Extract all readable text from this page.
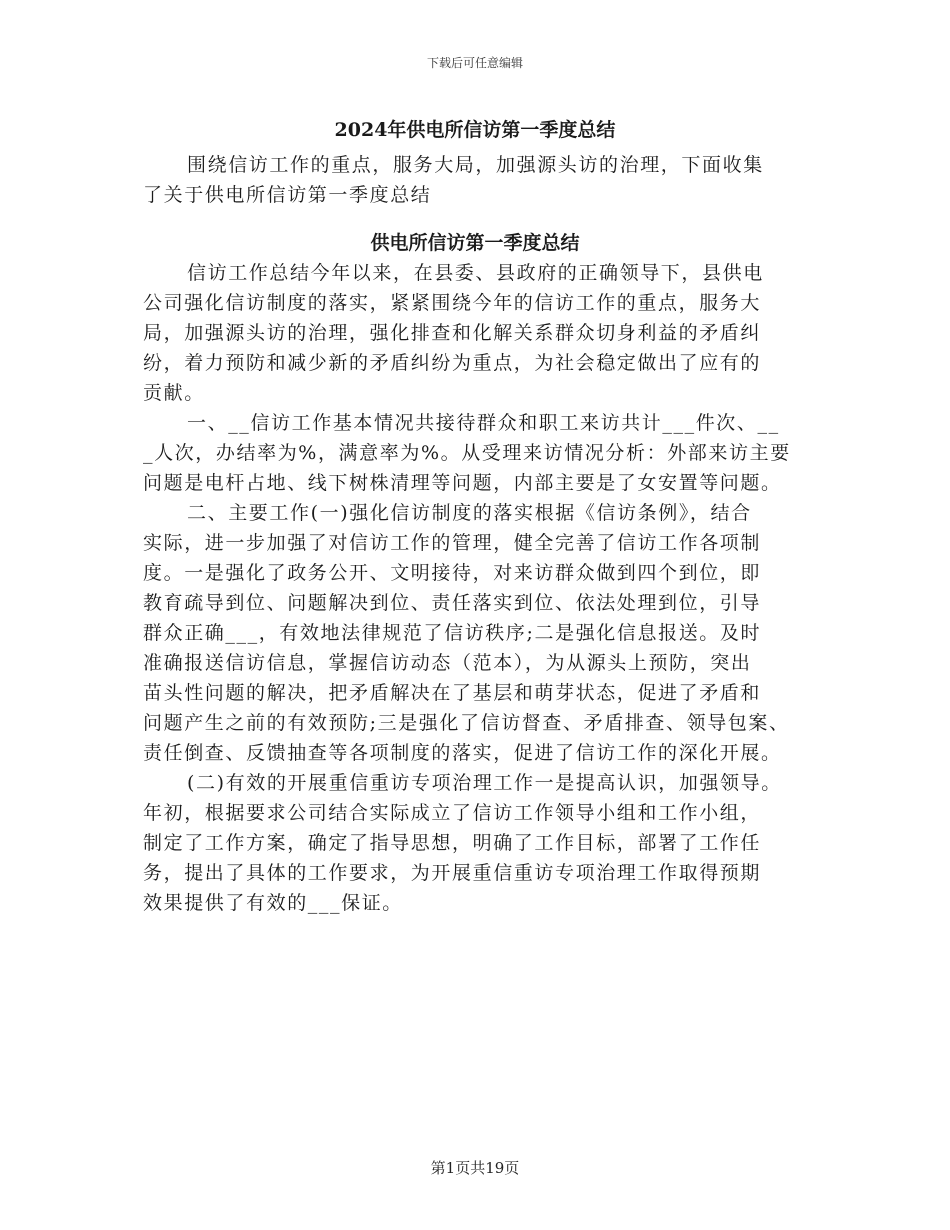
下载后可任意编辑
2024年供电所信访第一季度总结
围绕信访工作的重点，服务大局，加强源头访的治理，下面收集
了关于供电所信访第一季度总结
供电所信访第一季度总结
信访工作总结今年以来，在县委、县政府的正确领导下，县供电
公司强化信访制度的落实，紧紧围绕今年的信访工作的重点，服务大
局，加强源头访的治理，强化排查和化解关系群众切身利益的矛盾纠
纷，着力预防和减少新的矛盾纠纷为重点，为社会稳定做出了应有的
贡献。
一、__信访工作基本情况共接待群众和职工来访共计___件次、__
_人次，办结率为%，满意率为%。从受理来访情况分析：外部来访主要
问题是电杆占地、线下树株清理等问题，内部主要是了女安置等问题。
二、主要工作(一)强化信访制度的落实根据《信访条例》，结合
实际，进一步加强了对信访工作的管理，健全完善了信访工作各项制
度。一是强化了政务公开、文明接待，对来访群众做到四个到位，即
教育疏导到位、问题解决到位、责任落实到位、依法处理到位，引导
群众正确___，有效地法律规范了信访秩序;二是强化信息报送。及时
准确报送信访信息，掌握信访动态（范本），为从源头上预防，突出
苗头性问题的解决，把矛盾解决在了基层和萌芽状态，促进了矛盾和
问题产生之前的有效预防;三是强化了信访督查、矛盾排查、领导包案、
责任倒查、反馈抽查等各项制度的落实，促进了信访工作的深化开展。
(二)有效的开展重信重访专项治理工作一是提高认识，加强领导。
年初，根据要求公司结合实际成立了信访工作领导小组和工作小组，
制定了工作方案，确定了指导思想，明确了工作目标，部署了工作任
务，提出了具体的工作要求，为开展重信重访专项治理工作取得预期
效果提供了有效的___保证。
第1页共19页
